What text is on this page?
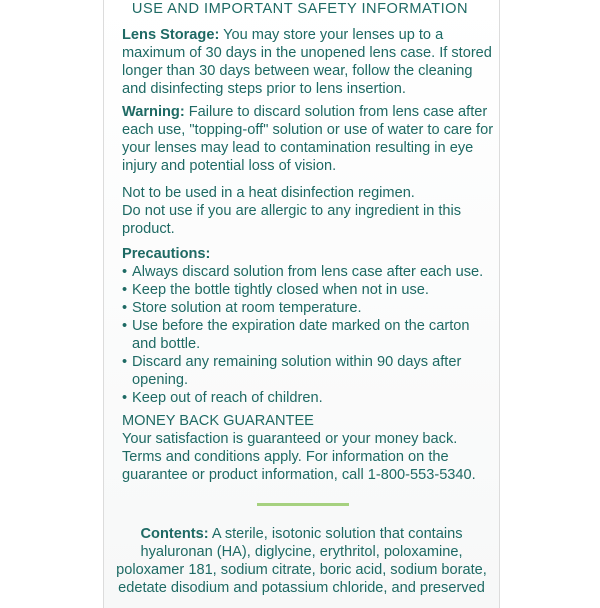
USE AND IMPORTANT SAFETY INFORMATION
Lens Storage: You may store your lenses up to a
maximum of 30 days in the unopened lens case. If stored
longer than 30 days between wear, follow the cleaning
and disinfecting steps prior to lens insertion.
Warning: Failure to discard solution from lens case after
each use, "topping-off" solution or use of water to care for
your lenses may lead to contamination resulting in eye
injury and potential loss of vision.
Not to be used in a heat disinfection regimen.
Do not use if you are allergic to any ingredient in this
product.
Precautions:
• Always discard solution from lens case after each use.
• Keep the bottle tightly closed when not in use.
• Store solution at room temperature.
• Use before the expiration date marked on the carton
and bottle.
• Discard any remaining solution within 90 days after
opening.
• Keep out of reach of children.
MONEY BACK GUARANTEE
Your satisfaction is guaranteed or your money back.
Terms and conditions apply. For information on the
guarantee or product information, call 1-800-553-5340.
Contents: A sterile, isotonic solution that contains
hyaluronan (HA), diglycine, erythritol, poloxamine,
poloxamer 181, sodium citrate, boric acid, sodium borate,
edetate disodium and potassium chloride, and preserved
